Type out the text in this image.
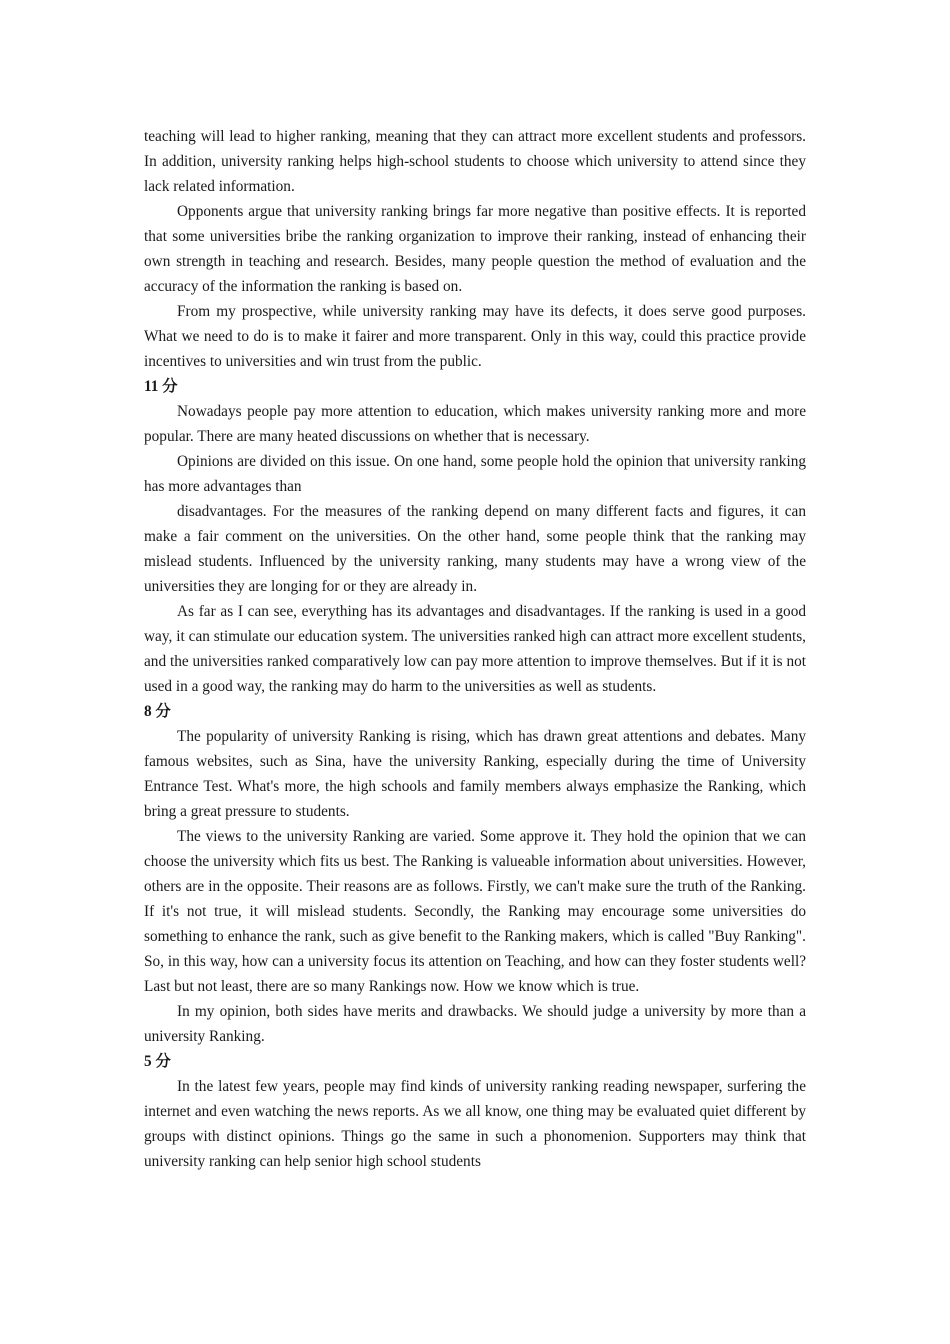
teaching will lead to higher ranking, meaning that they can attract more excellent students and professors. In addition, university ranking helps high-school students to choose which university to attend since they lack related information.

Opponents argue that university ranking brings far more negative than positive effects. It is reported that some universities bribe the ranking organization to improve their ranking, instead of enhancing their own strength in teaching and research. Besides, many people question the method of evaluation and the accuracy of the information the ranking is based on.

From my prospective, while university ranking may have its defects, it does serve good purposes. What we need to do is to make it fairer and more transparent. Only in this way, could this practice provide incentives to universities and win trust from the public.

11 分

Nowadays people pay more attention to education, which makes university ranking more and more popular. There are many heated discussions on whether that is necessary.

Opinions are divided on this issue. On one hand, some people hold the opinion that university ranking has more advantages than

disadvantages. For the measures of the ranking depend on many different facts and figures, it can make a fair comment on the universities. On the other hand, some people think that the ranking may mislead students. Influenced by the university ranking, many students may have a wrong view of the universities they are longing for or they are already in.

As far as I can see, everything has its advantages and disadvantages. If the ranking is used in a good way, it can stimulate our education system. The universities ranked high can attract more excellent students, and the universities ranked comparatively low can pay more attention to improve themselves. But if it is not used in a good way, the ranking may do harm to the universities as well as students.

8 分

The popularity of university Ranking is rising, which has drawn great attentions and debates. Many famous websites, such as Sina, have the university Ranking, especially during the time of University Entrance Test. What's more, the high schools and family members always emphasize the Ranking, which bring a great pressure to students.

The views to the university Ranking are varied. Some approve it. They hold the opinion that we can choose the university which fits us best. The Ranking is valueable information about universities. However, others are in the opposite. Their reasons are as follows. Firstly, we can't make sure the truth of the Ranking. If it's not true, it will mislead students. Secondly, the Ranking may encourage some universities do something to enhance the rank, such as give benefit to the Ranking makers, which is called "Buy Ranking". So, in this way, how can a university focus its attention on Teaching, and how can they foster students well? Last but not least, there are so many Rankings now. How we know which is true.

In my opinion, both sides have merits and drawbacks. We should judge a university by more than a university Ranking.

5 分

In the latest few years, people may find kinds of university ranking reading newspaper, surfering the internet and even watching the news reports. As we all know, one thing may be evaluated quiet different by groups with distinct opinions. Things go the same in such a phonomenion. Supporters may think that university ranking can help senior high school students
